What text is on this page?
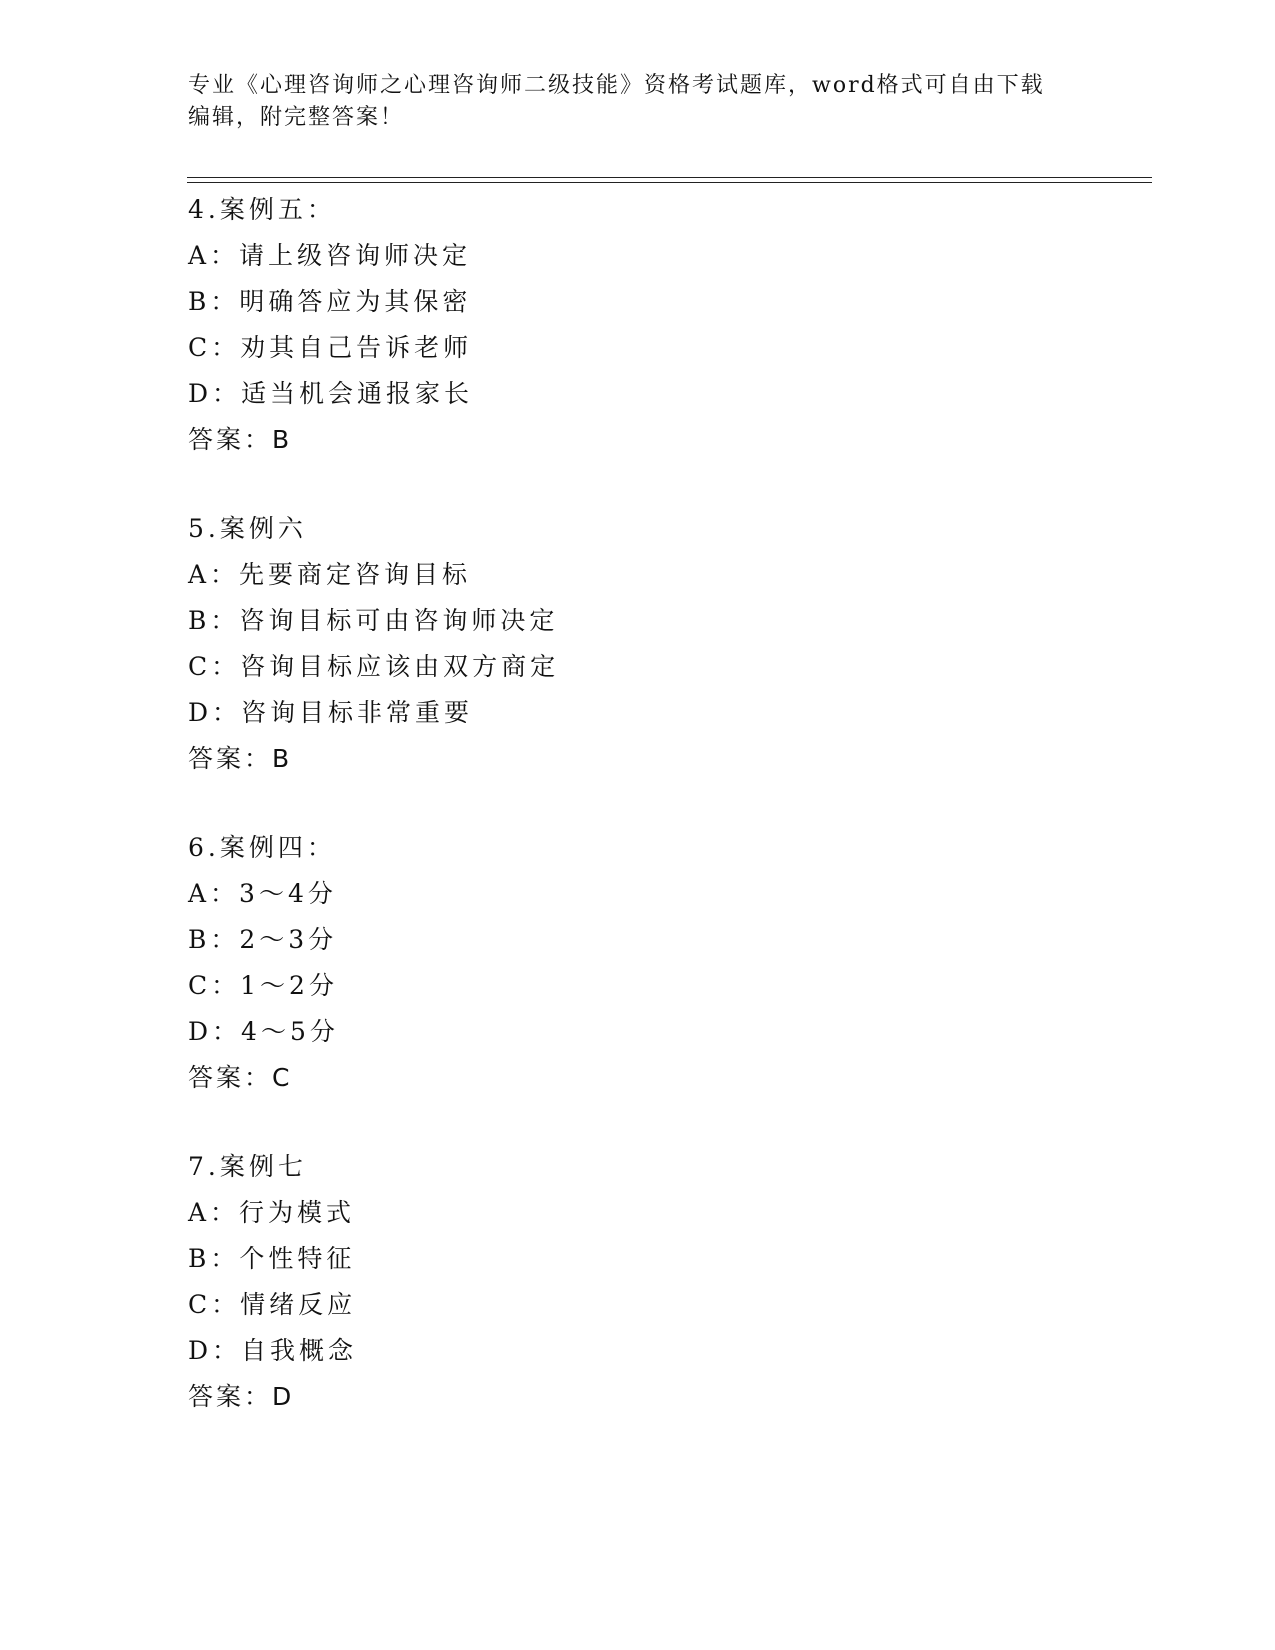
专业《心理咨询师之心理咨询师二级技能》资格考试题库，word格式可自由下载
编辑，附完整答案！
4.案例五：
A：请上级咨询师决定
B：明确答应为其保密
C：劝其自己告诉老师
D：适当机会通报家长
答案：B
5.案例六
A：先要商定咨询目标
B：咨询目标可由咨询师决定
C：咨询目标应该由双方商定
D：咨询目标非常重要
答案：B
6.案例四：
A：3～4分
B：2～3分
C：1～2分
D：4～5分
答案：C
7.案例七
A：行为模式
B：个性特征
C：情绪反应
D：自我概念
答案：D
